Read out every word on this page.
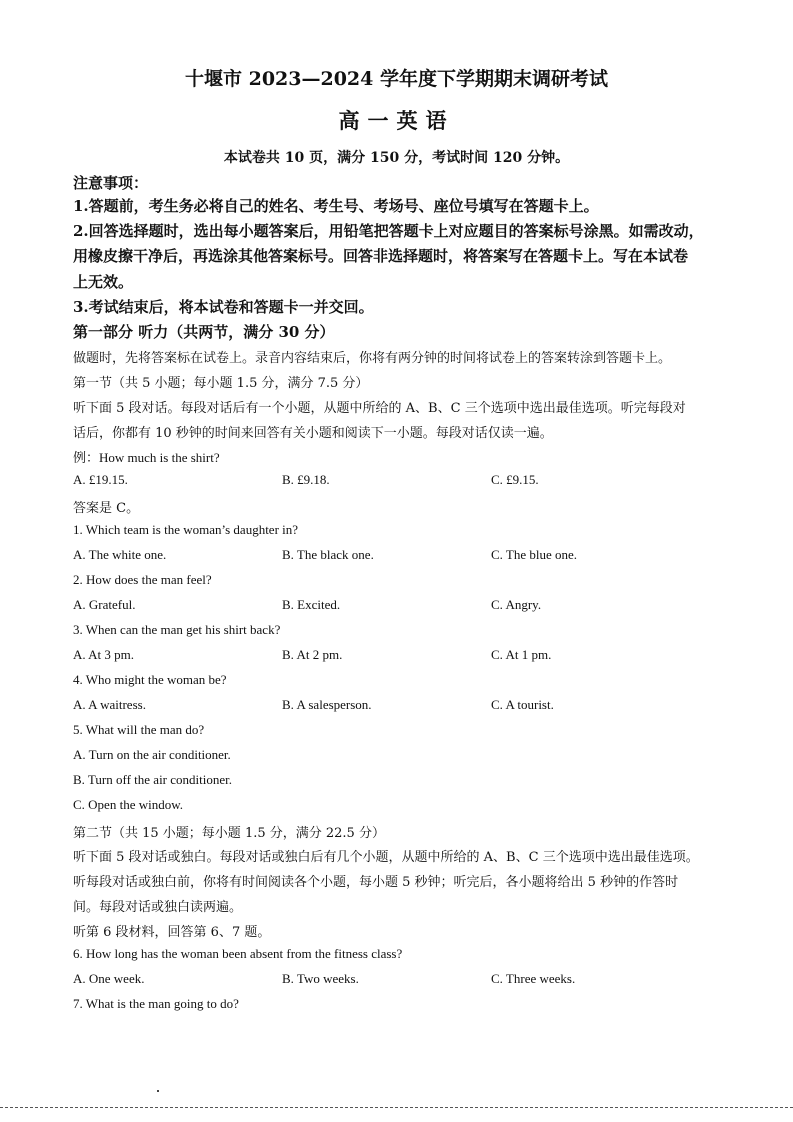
十堰市 2023—2024 学年度下学期期末调研考试
高一英语
本试卷共 10 页，满分 150 分，考试时间 120 分钟。
注意事项：
1.答题前，考生务必将自己的姓名、考生号、考场号、座位号填写在答题卡上。
2.回答选择题时，选出每小题答案后，用铅笔把答题卡上对应题目的答案标号涂黑。如需改动，
用橡皮擦干净后，再选涂其他答案标号。回答非选择题时，将答案写在答题卡上。写在本试卷
上无效。
3.考试结束后，将本试卷和答题卡一并交回。
第一部分 听力（共两节，满分 30 分）
做题时，先将答案标在试卷上。录音内容结束后，你将有两分钟的时间将试卷上的答案转涂到答题卡上。
第一节（共 5 小题；每小题 1.5 分，满分 7.5 分）
听下面 5 段对话。每段对话后有一个小题，从题中所给的 A、B、C 三个选项中选出最佳选项。听完每段对
话后，你都有 10 秒钟的时间来回答有关小题和阅读下一小题。每段对话仅读一遍。
例：How much is the shirt?
A. £19.15.	B. £9.18.	C. £9.15.
答案是 C。
1. Which team is the woman’s daughter in?
A. The white one.	B. The black one.	C. The blue one.
2. How does the man feel?
A. Grateful.	B. Excited.	C. Angry.
3. When can the man get his shirt back?
A. At 3 pm.	B. At 2 pm.	C. At 1 pm.
4. Who might the woman be?
A. A waitress.	B. A salesperson.	C. A tourist.
5. What will the man do?
A. Turn on the air conditioner.
B. Turn off the air conditioner.
C. Open the window.
第二节（共 15 小题；每小题 1.5 分，满分 22.5 分）
听下面 5 段对话或独白。每段对话或独白后有几个小题，从题中所给的 A、B、C 三个选项中选出最佳选项。
听每段对话或独白前，你将有时间阅读各个小题，每小题 5 秒钟；听完后，各小题将给出 5 秒钟的作答时
间。每段对话或独白读两遍。
听第 6 段材料，回答第 6、7 题。
6. How long has the woman been absent from the fitness class?
A. One week.	B. Two weeks.	C. Three weeks.
7. What is the man going to do?
